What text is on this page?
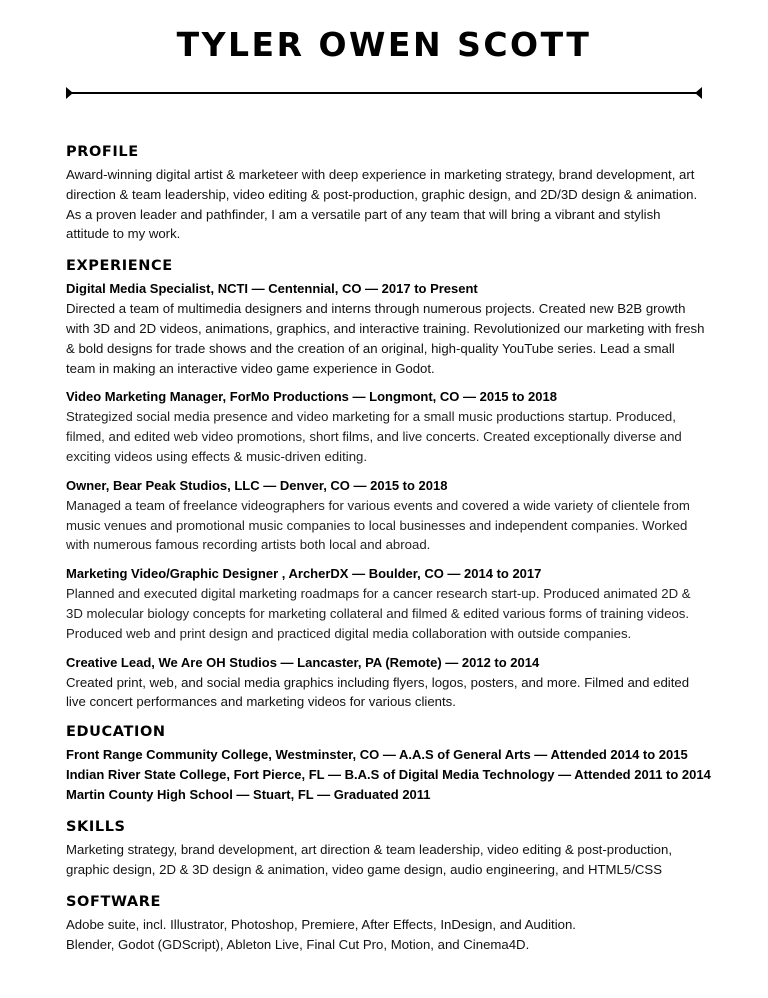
TYLER OWEN SCOTT
PROFILE

Award-winning digital artist & marketeer with deep experience in marketing strategy, brand development, art direction & team leadership, video editing & post-production, graphic design, and 2D/3D design & animation. As a proven leader and pathfinder, I am a versatile part of any team that will bring a vibrant and stylish attitude to my work.

EXPERIENCE

Digital Media Specialist, NCTI — Centennial, CO — 2017 to Present

Directed a team of multimedia designers and interns through numerous projects. Created new B2B growth with 3D and 2D videos, animations, graphics, and interactive training. Revolutionized our marketing with fresh & bold designs for trade shows and the creation of an original, high-quality YouTube series. Lead a small team in making an interactive video game experience in Godot.

Video Marketing Manager, ForMo Productions — Longmont, CO — 2015 to 2018

Strategized social media presence and video marketing for a small music productions startup. Produced, filmed, and edited web video promotions, short films, and live concerts. Created exceptionally diverse and exciting videos using effects & music-driven editing.

Owner, Bear Peak Studios, LLC — Denver, CO — 2015 to 2018

Managed a team of freelance videographers for various events and covered a wide variety of clientele from music venues and promotional music companies to local businesses and independent companies. Worked with numerous famous recording artists both local and abroad.

Marketing Video/Graphic Designer , ArcherDX — Boulder, CO — 2014 to 2017

Planned and executed digital marketing roadmaps for a cancer research start-up. Produced animated 2D & 3D molecular biology concepts for marketing collateral and filmed & edited various forms of training videos. Produced web and print design and practiced digital media collaboration with outside companies.

Creative Lead, We Are OH Studios — Lancaster, PA (Remote) — 2012 to 2014

Created print, web, and social media graphics including flyers, logos, posters, and more. Filmed and edited live concert performances and marketing videos for various clients.

EDUCATION

Front Range Community College, Westminster, CO — A.A.S of General Arts — Attended 2014 to 2015

Indian River State College, Fort Pierce, FL — B.A.S of Digital Media Technology — Attended 2011 to 2014

Martin County High School — Stuart, FL — Graduated 2011

SKILLS

Marketing strategy, brand development, art direction & team leadership, video editing & post-production, graphic design, 2D & 3D design & animation, video game design, audio engineering, and HTML5/CSS

SOFTWARE

Adobe suite, incl. Illustrator, Photoshop, Premiere, After Effects, InDesign, and Audition.

Blender, Godot (GDScript), Ableton Live, Final Cut Pro, Motion, and Cinema4D.
